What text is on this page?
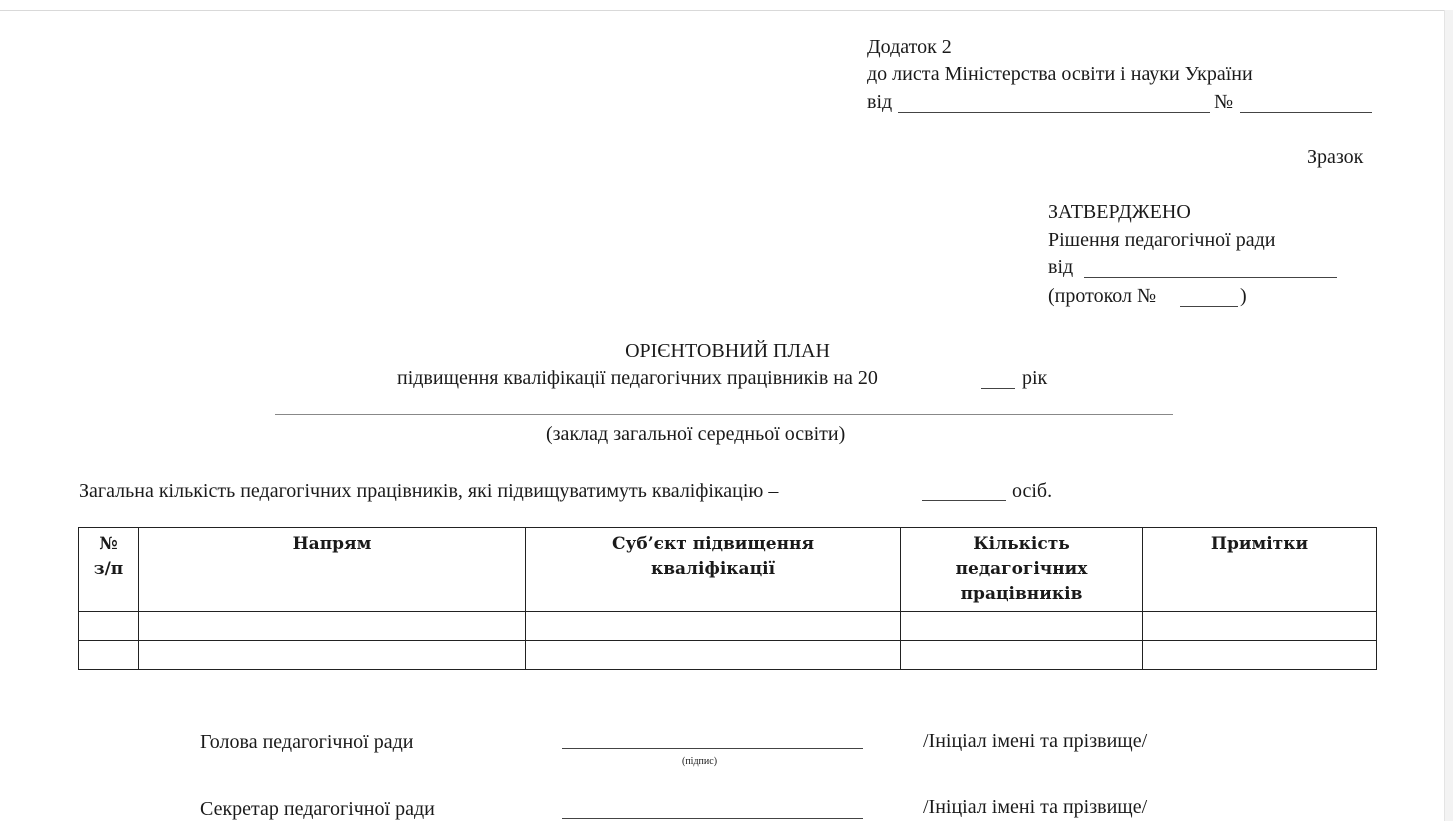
Додаток 2
до листа Міністерства освіти і науки України
від	№
Зразок
ЗАТВЕРДЖЕНО
Рішення педагогічної ради
від
(протокол №	)
ОРІЄНТОВНИЙ ПЛАН
підвищення кваліфікації педагогічних працівників на 20	рік
(заклад загальної середньої освіти)
Загальна кількість педагогічних працівників, які підвищуватимуть кваліфікацію –	осіб.
№ з/п	Напрям	Суб’єкт підвищення кваліфікації	Кількість педагогічних працівників	Примітки

Голова педагогічної ради
(підпис)
/Ініціал імені та прізвище/
Секретар педагогічної ради	/Ініціал імені та прізвище/
